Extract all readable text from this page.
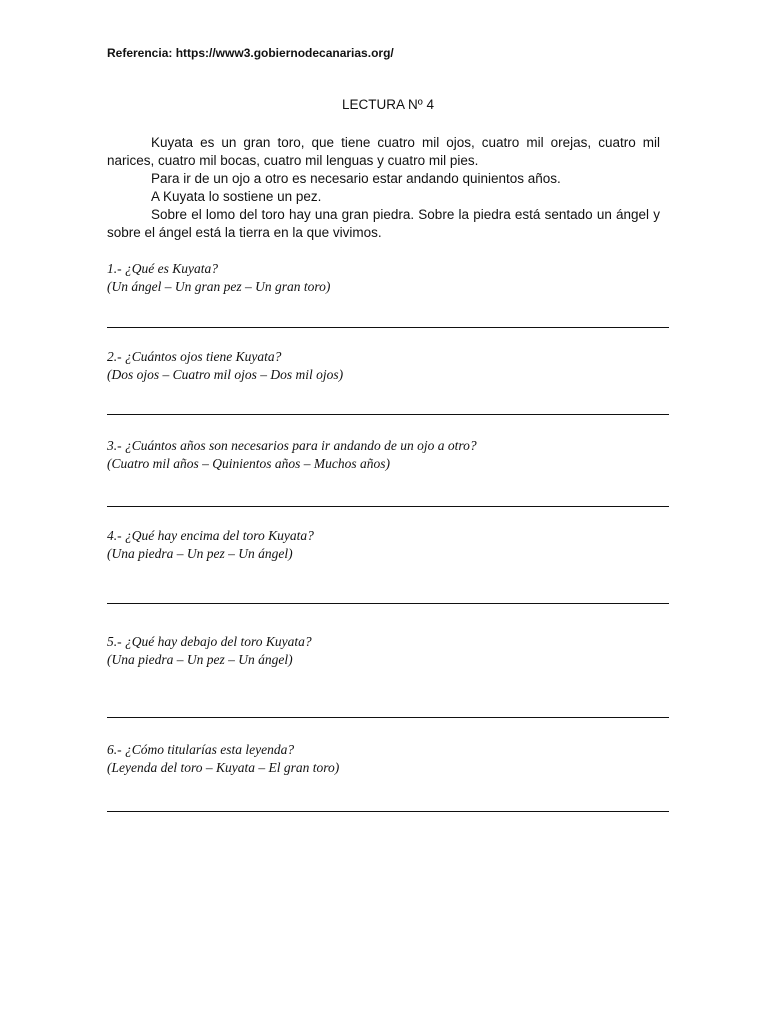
Referencia: https://www3.gobiernodecanarias.org/
LECTURA Nº 4

Kuyata es un gran toro, que tiene cuatro mil ojos, cuatro mil orejas, cuatro mil narices, cuatro mil bocas, cuatro mil lenguas y cuatro mil pies.

Para ir de un ojo a otro es necesario estar andando quinientos años.

A Kuyata lo sostiene un pez.

Sobre el lomo del toro hay una gran piedra. Sobre la piedra está sentado un ángel y sobre el ángel está la tierra en la que vivimos.

1.- ¿Qué es Kuyata?
(Un ángel – Un gran pez – Un gran toro)
2.- ¿Cuántos ojos tiene Kuyata?
(Dos ojos – Cuatro mil ojos – Dos mil ojos)
3.- ¿Cuántos años son necesarios para ir andando de un ojo a otro?
(Cuatro mil años – Quinientos años – Muchos años)
4.- ¿Qué hay encima del toro Kuyata?
(Una piedra – Un pez – Un ángel)
5.- ¿Qué hay debajo del toro Kuyata?
(Una piedra – Un pez – Un ángel)
6.- ¿Cómo titularías esta leyenda?
(Leyenda del toro – Kuyata – El gran toro)
